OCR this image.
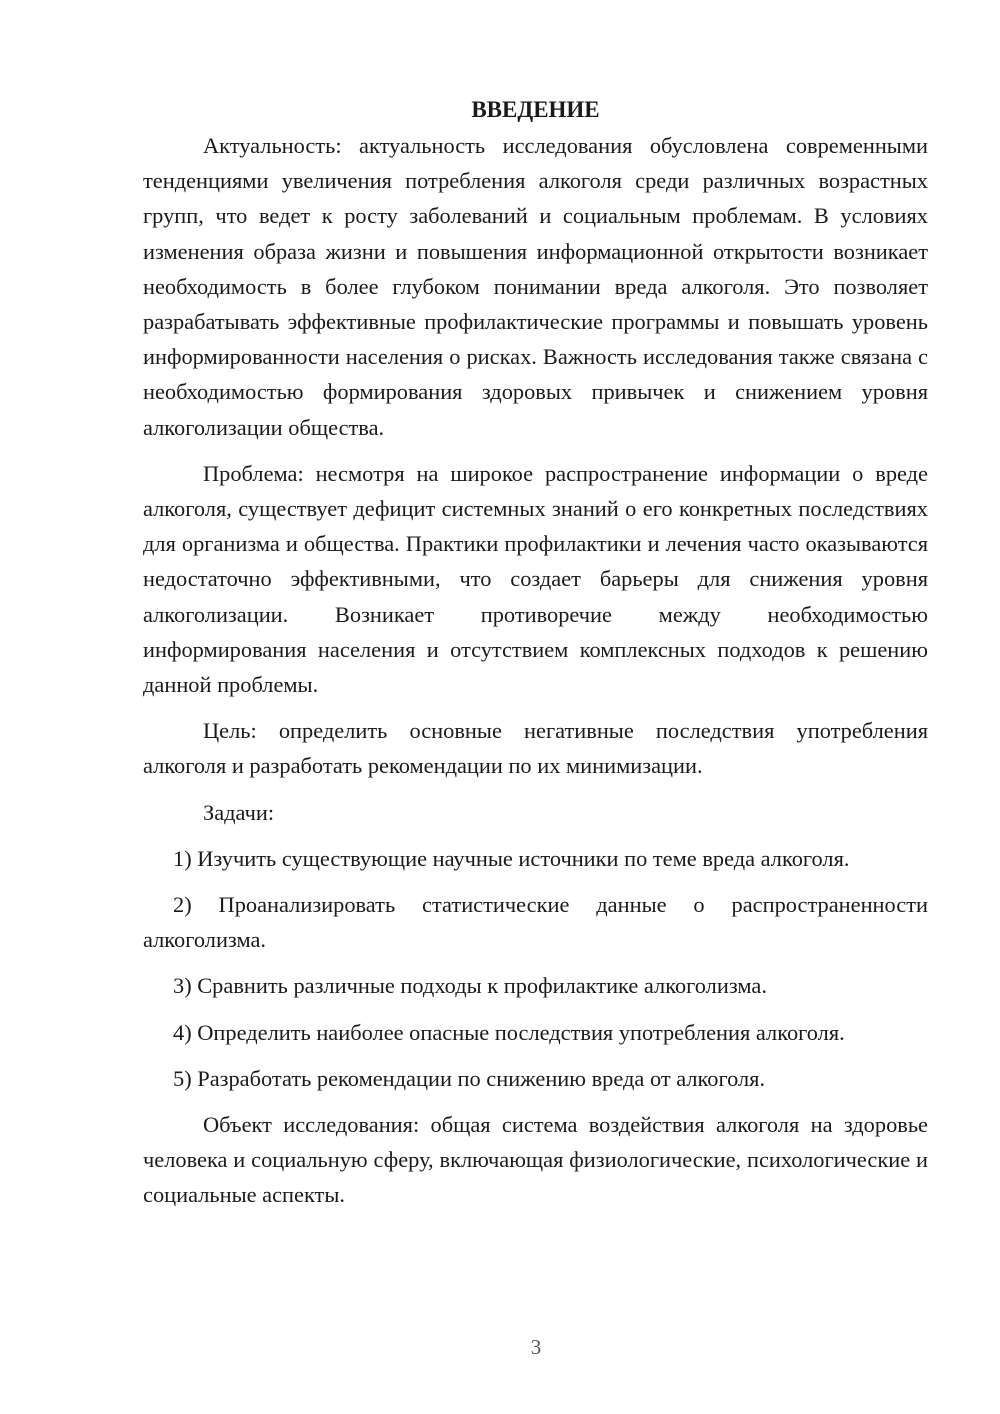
ВВЕДЕНИЕ

Актуальность: актуальность исследования обусловлена современными тенденциями увеличения потребления алкоголя среди различных возрастных групп, что ведет к росту заболеваний и социальным проблемам. В условиях изменения образа жизни и повышения информационной открытости возникает необходимость в более глубоком понимании вреда алкоголя. Это позволяет разрабатывать эффективные профилактические программы и повышать уровень информированности населения о рисках. Важность исследования также связана с необходимостью формирования здоровых привычек и снижением уровня алкоголизации общества.

Проблема: несмотря на широкое распространение информации о вреде алкоголя, существует дефицит системных знаний о его конкретных последствиях для организма и общества. Практики профилактики и лечения часто оказываются недостаточно эффективными, что создает барьеры для снижения уровня алкоголизации. Возникает противоречие между необходимостью информирования населения и отсутствием комплексных подходов к решению данной проблемы.

Цель: определить основные негативные последствия употребления алкоголя и разработать рекомендации по их минимизации.

Задачи:

1) Изучить существующие научные источники по теме вреда алкоголя.

2) Проанализировать статистические данные о распространенности алкоголизма.

3) Сравнить различные подходы к профилактике алкоголизма.

4) Определить наиболее опасные последствия употребления алкоголя.

5) Разработать рекомендации по снижению вреда от алкоголя.

Объект исследования: общая система воздействия алкоголя на здоровье человека и социальную сферу, включающая физиологические, психологические и социальные аспекты.

3
